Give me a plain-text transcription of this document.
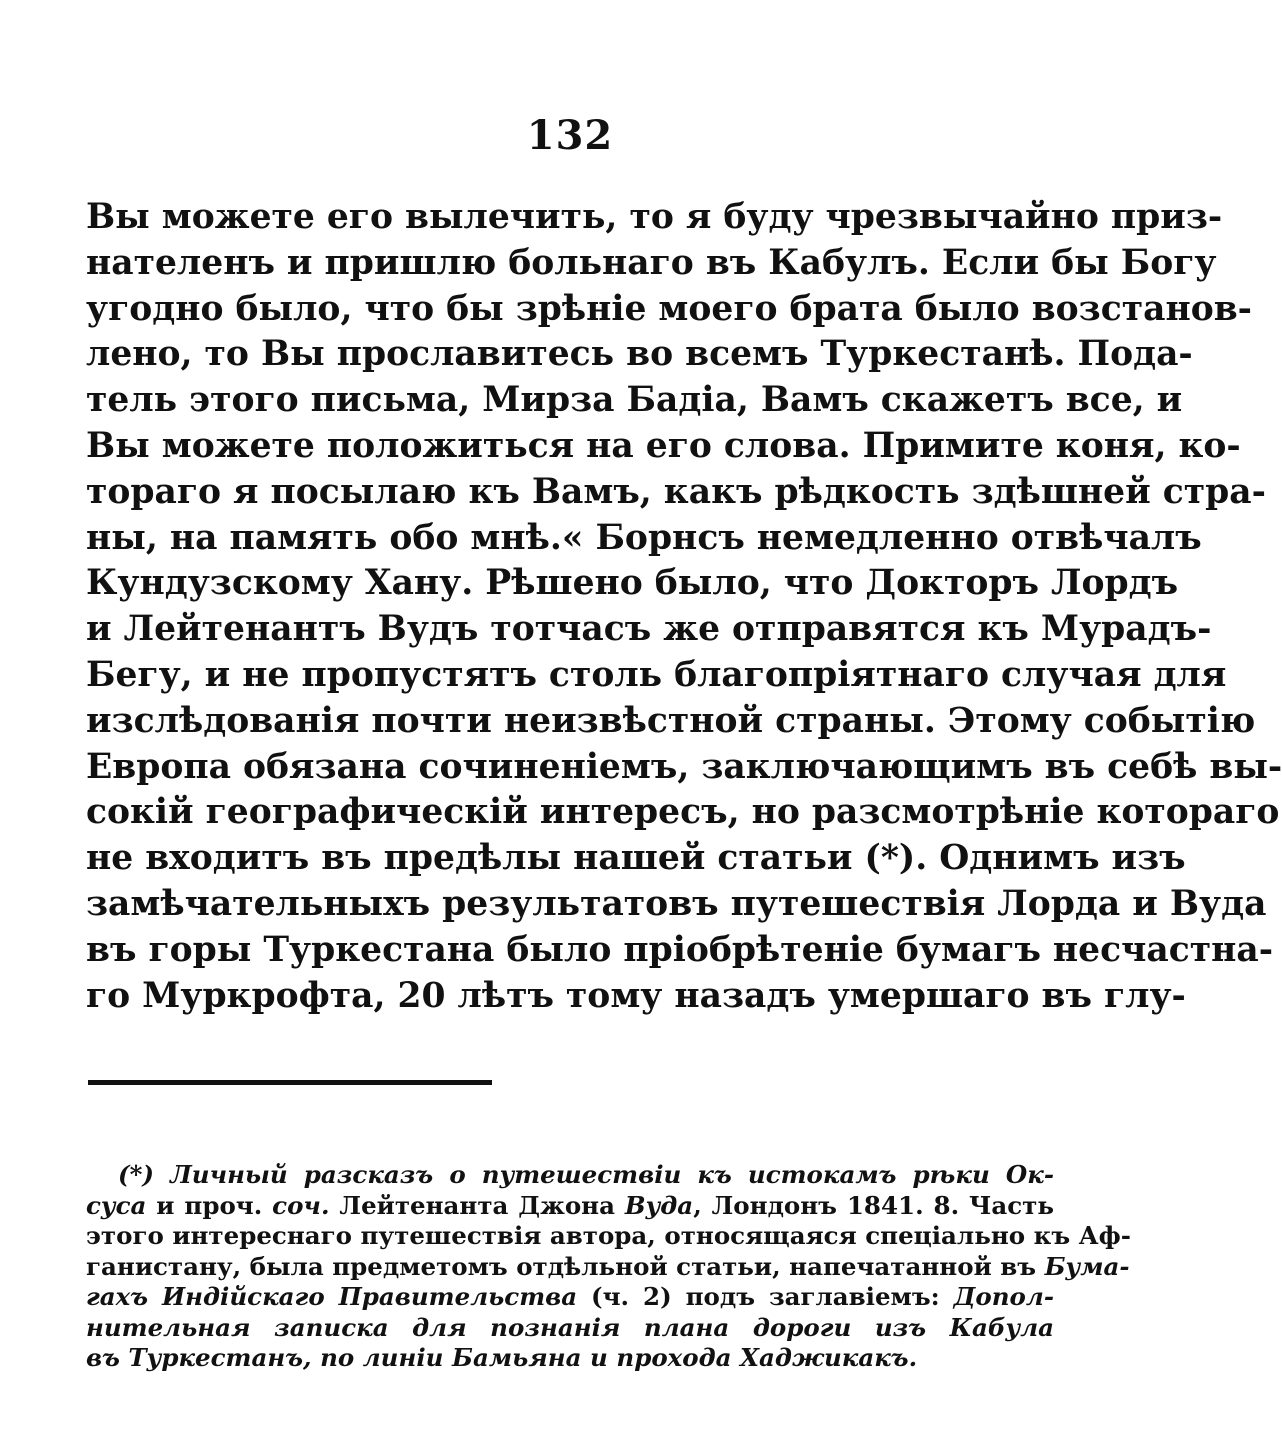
132
Вы можете его вылечить, то я буду чрезвычайно приз-
нателенъ и пришлю больнаго въ Кабулъ. Если бы Богу
угодно было, что бы зрѣніе моего брата было возстанов-
лено, то Вы прославитесь во всемъ Туркестанѣ. Пода-
тель этого письма, Мирза Бадіа, Вамъ скажетъ все, и
Вы можете положиться на его слова. Примите коня, ко-
тораго я посылаю къ Вамъ, какъ рѣдкость здѣшней стра-
ны, на память обо мнѣ.« Борнсъ немедленно отвѣчалъ
Кундузскому Хану. Рѣшено было, что Докторъ Лордъ
и Лейтенантъ Вудъ тотчасъ же отправятся къ Мурадъ-
Бегу, и не пропустятъ столь благопріятнаго случая для
изслѣдованія почти неизвѣстной страны. Этому событію
Европа обязана сочиненіемъ, заключающимъ въ себѣ вы-
сокій географическій интересъ, но разсмотрѣніе котораго
не входитъ въ предѣлы нашей статьи (*). Однимъ изъ
замѣчательныхъ результатовъ путешествія Лорда и Вуда
въ горы Туркестана было пріобрѣтеніе бумагъ несчастна-
го Муркрофта, 20 лѣтъ тому назадъ умершаго въ глу-
(*) Личный разсказъ о путешествіи къ истокамъ рѣки Ок-
суса и проч. соч. Лейтенанта Джона Вуда, Лондонъ 1841. 8. Часть
этого интереснаго путешествія автора, относящаяся спеціально къ Аф-
ганистану, была предметомъ отдѣльной статьи, напечатанной въ Бума-
гахъ Индійскаго Правительства (ч. 2) подъ заглавіемъ: Допол-
нительная записка для познанія плана дороги изъ Кабула
въ Туркестанъ, по линіи Бамьяна и прохода Хаджикакъ.
